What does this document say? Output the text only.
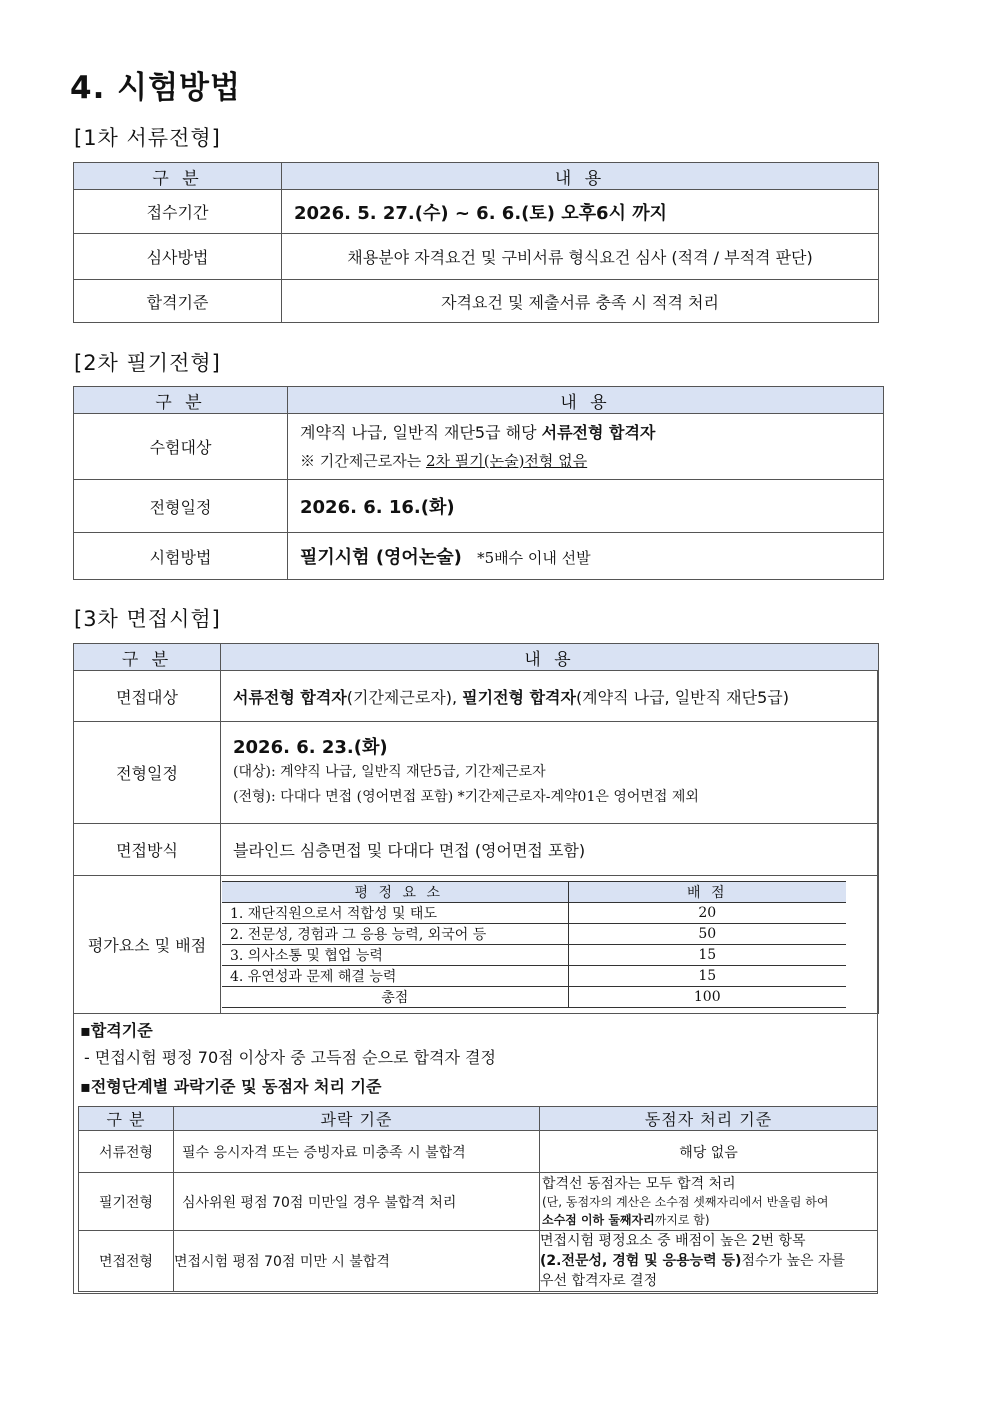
4. 시험방법
[1차 서류전형]
구 분	내 용
접수기간	2026. 5. 27.(수) ~ 6. 6.(토) 오후6시 까지
심사방법	채용분야 자격요건 및 구비서류 형식요건 심사 (적격 / 부적격 판단)
합격기준	자격요건 및 제출서류 충족 시 적격 처리
[2차 필기전형]
구 분	내 용
수험대상	계약직 나급, 일반직 재단5급 해당 서류전형 합격자
※ 기간제근로자는 2차 필기(논술)전형 없음

전형일정	2026. 6. 16.(화)
시험방법	필기시험 (영어논술) *5배수 이내 선발
[3차 면접시험]
구 분	내 용
면접대상	서류전형 합격자(기간제근로자), 필기전형 합격자(계약직 나급, 일반직 재단5급)
전형일정	2026. 6. 23.(화)
(대상): 계약직 나급, 일반직 재단5급, 기간제근로자
(전형): 다대다 면접 (영어면접 포함) *기간제근로자-계약01은 영어면접 제외

면접방식	블라인드 심층면접 및 다대다 면접 (영어면접 포함)
평가요소 및 배점	
평 정 요 소	배 점
1. 재단직원으로서 적합성 및 태도	20
2. 전문성, 경험과 그 응용 능력, 외국어 등	50
3. 의사소통 및 협업 능력	15
4. 유연성과 문제 해결 능력	15
총점	100
▪합격기준
- 면접시험 평정 70점 이상자 중 고득점 순으로 합격자 결정
▪전형단계별 과락기준 및 동점자 처리 기준
구 분	과락 기준	동점자 처리 기준
서류전형	필수 응시자격 또는 증빙자료 미충족 시 불합격	해당 없음
필기전형	심사위원 평점 70점 미만일 경우 불합격 처리	합격선 동점자는 모두 합격 처리
(단, 동점자의 계산은 소수점 셋째자리에서 반올림 하여
소수점 이하 둘째자리까지로 함)

면접전형	면접시험 평점 70점 미만 시 불합격	면접시험 평정요소 중 배점이 높은 2번 항목
(2.전문성, 경험 및 응용능력 등)점수가 높은 자를
우선 합격자로 결정
